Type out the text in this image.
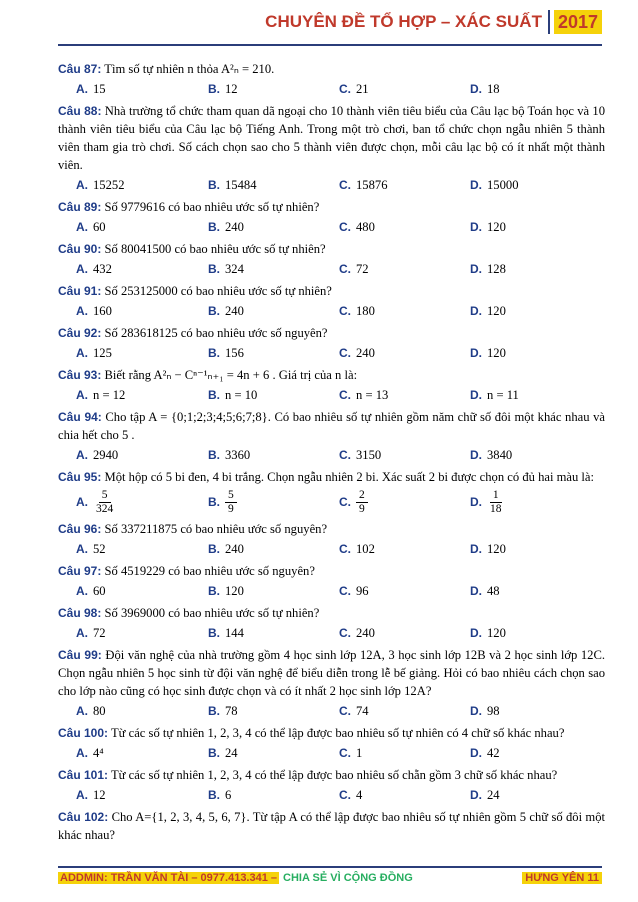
CHUYÊN ĐỀ TỔ HỢP – XÁC SUẤT 2017
Câu 87: Tìm số tự nhiên n thỏa A²ₙ = 210.
A. 15	B. 12	C. 21	D. 18
Câu 88: Nhà trường tổ chức tham quan dã ngoại cho 10 thành viên tiêu biểu của Câu lạc bộ Toán học và 10 thành viên tiêu biểu của Câu lạc bộ Tiếng Anh. Trong một trò chơi, ban tổ chức chọn ngẫu nhiên 5 thành viên tham gia trò chơi. Số cách chọn sao cho 5 thành viên được chọn, mỗi câu lạc bộ có ít nhất một thành viên.
A. 15252	B. 15484	C. 15876	D. 15000
Câu 89: Số 9779616 có bao nhiêu ước số tự nhiên?
A. 60	B. 240	C. 480	D. 120
Câu 90: Số 80041500 có bao nhiêu ước số tự nhiên?
A. 432	B. 324	C. 72	D. 128
Câu 91: Số 253125000 có bao nhiêu ước số tự nhiên?
A. 160	B. 240	C. 180	D. 120
Câu 92: Số 283618125 có bao nhiêu ước số nguyên?
A. 125	B. 156	C. 240	D. 120
Câu 93: Biết rằng A²ₙ − Cⁿ⁻¹ₙ₊₁ = 4n + 6 . Giá trị của n là:
A. n = 12	B. n = 10	C. n = 13	D. n = 11
Câu 94: Cho tập A = {0;1;2;3;4;5;6;7;8}. Có bao nhiêu số tự nhiên gồm năm chữ số đôi một khác nhau và chia hết cho 5 .
A. 2940	B. 3360	C. 3150	D. 3840
Câu 95: Một hộp có 5 bi đen, 4 bi trắng. Chọn ngẫu nhiên 2 bi. Xác suất 2 bi được chọn có đủ hai màu là:
A. $\frac{5}{324}$	B. $\frac{5}{9}$	C. $\frac{2}{9}$	D. $\frac{1}{18}$
Câu 96: Số 337211875 có bao nhiêu ước số nguyên?
A. 52	B. 240	C. 102	D. 120
Câu 97: Số 4519229 có bao nhiêu ước số nguyên?
A. 60	B. 120	C. 96	D. 48
Câu 98: Số 3969000 có bao nhiêu ước số tự nhiên?
A. 72	B. 144	C. 240	D. 120
Câu 99: Đội văn nghệ của nhà trường gồm 4 học sinh lớp 12A, 3 học sinh lớp 12B và 2 học sinh lớp 12C. Chọn ngẫu nhiên 5 học sinh từ đội văn nghệ để biểu diễn trong lễ bế giảng. Hỏi có bao nhiêu cách chọn sao cho lớp nào cũng có học sinh được chọn và có ít nhất 2 học sinh lớp 12A?
A. 80	B. 78	C. 74	D. 98
Câu 100: Từ các số tự nhiên 1, 2, 3, 4 có thể lập được bao nhiêu số tự nhiên có 4 chữ số khác nhau?
A. 4⁴	B. 24	C. 1	D. 42
Câu 101: Từ các số tự nhiên 1, 2, 3, 4 có thể lập được bao nhiêu số chẵn gồm 3 chữ số khác nhau?
A. 12	B. 6	C. 4	D. 24
Câu 102: Cho A={1, 2, 3, 4, 5, 6, 7}. Từ tập A có thể lập được bao nhiêu số tự nhiên gồm 5 chữ số đôi một khác nhau?
ADDMIN: TRẦN VĂN TÀI – 0977.413.341 – CHIA SẺ VÌ CỘNG ĐỒNG	HƯNG YÊN 11
